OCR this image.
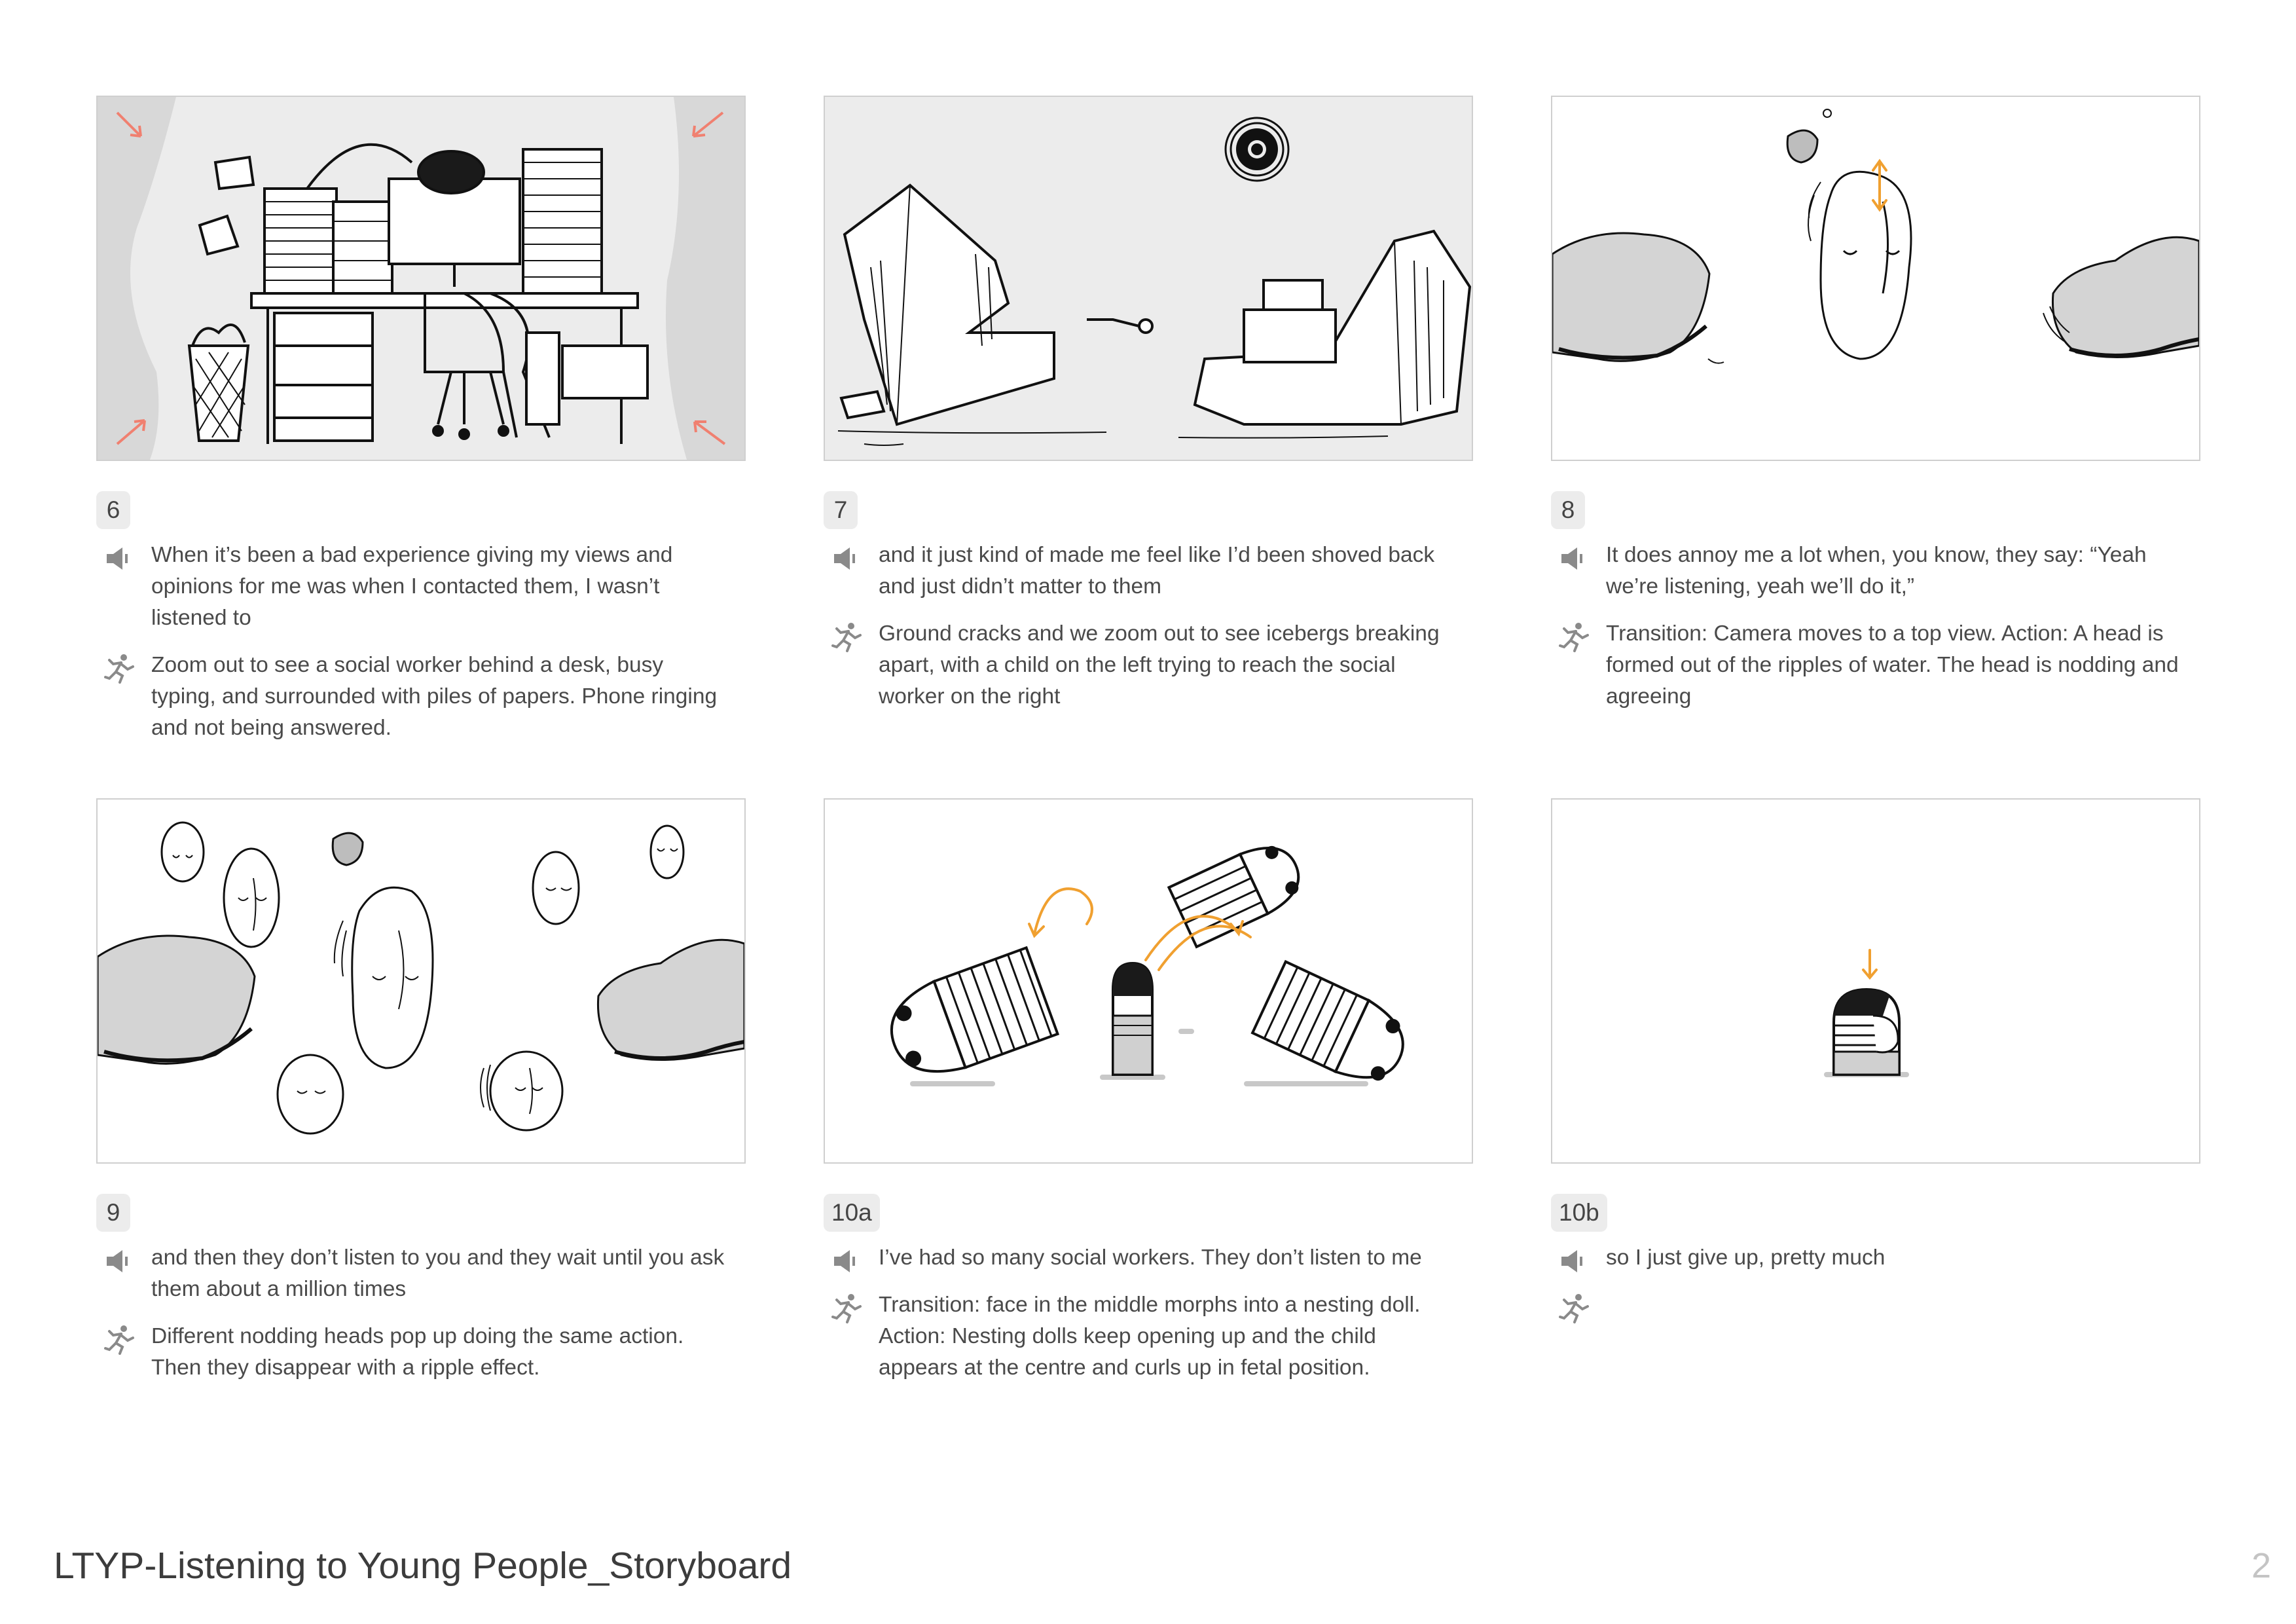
6
When it’s been a bad experience giving my views and opinions for me was when I contacted them, I wasn’t listened to
Zoom out to see a social worker behind a desk, busy typing, and surrounded with piles of papers. Phone ringing and not being answered.
7
and it just kind of made me feel like I’d been shoved back and just didn’t matter to them
Ground cracks and we zoom out to see icebergs breaking apart, with a child on the left trying to reach the social worker on the right
8
It does annoy me a lot when, you know, they say: “Yeah we’re listening, yeah we’ll do it,”
Transition: Camera moves to a top view. Action: A head is formed out of the ripples of water. The head is nodding and agreeing
9
and then they don’t listen to you and they wait until you ask them about a million times
Different nodding heads pop up doing the same action. Then they disappear with a ripple effect.
10a
I’ve had so many social workers. They don’t listen to me
Transition: face in the middle morphs into a nesting doll. Action: Nesting dolls keep opening up and the child appears at the centre and curls up in fetal position.
10b
so I just give up, pretty much
LTYP-Listening to Young People_Storyboard	2
